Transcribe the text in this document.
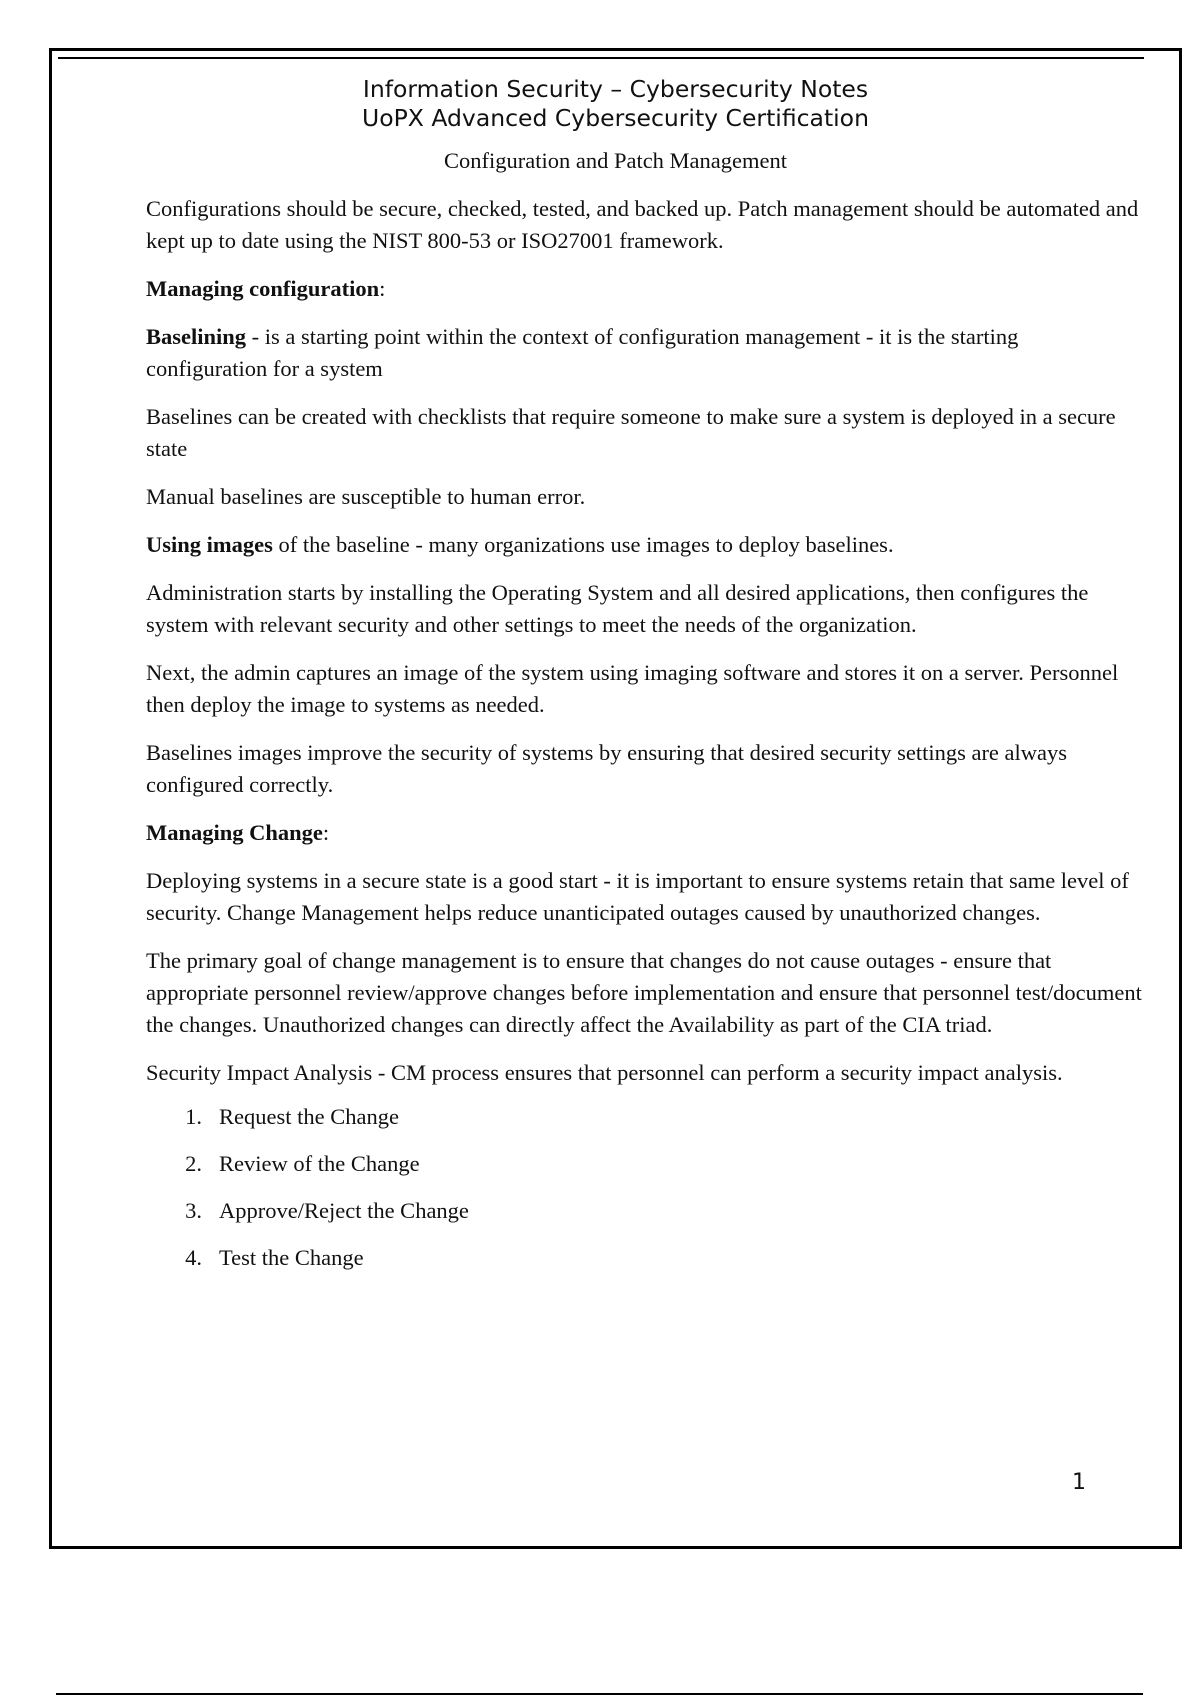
Information Security – Cybersecurity Notes
UoPX Advanced Cybersecurity Certification
Configuration and Patch Management

Configurations should be secure, checked, tested, and backed up. Patch management should be automated and kept up to date using the NIST 800-53 or ISO27001 framework.

Managing configuration:

Baselining - is a starting point within the context of configuration management - it is the starting configuration for a system

Baselines can be created with checklists that require someone to make sure a system is deployed in a secure state

Manual baselines are susceptible to human error.

Using images of the baseline - many organizations use images to deploy baselines.

Administration starts by installing the Operating System and all desired applications, then configures the system with relevant security and other settings to meet the needs of the organization.

Next, the admin captures an image of the system using imaging software and stores it on a server. Personnel then deploy the image to systems as needed.

Baselines images improve the security of systems by ensuring that desired security settings are always configured correctly.

Managing Change:

Deploying systems in a secure state is a good start - it is important to ensure systems retain that same level of security. Change Management helps reduce unanticipated outages caused by unauthorized changes.

The primary goal of change management is to ensure that changes do not cause outages - ensure that appropriate personnel review/approve changes before implementation and ensure that personnel test/document the changes. Unauthorized changes can directly affect the Availability as part of the CIA triad.

Security Impact Analysis - CM process ensures that personnel can perform a security impact analysis.

1. Request the Change
2. Review of the Change
3. Approve/Reject the Change
4. Test the Change
1
